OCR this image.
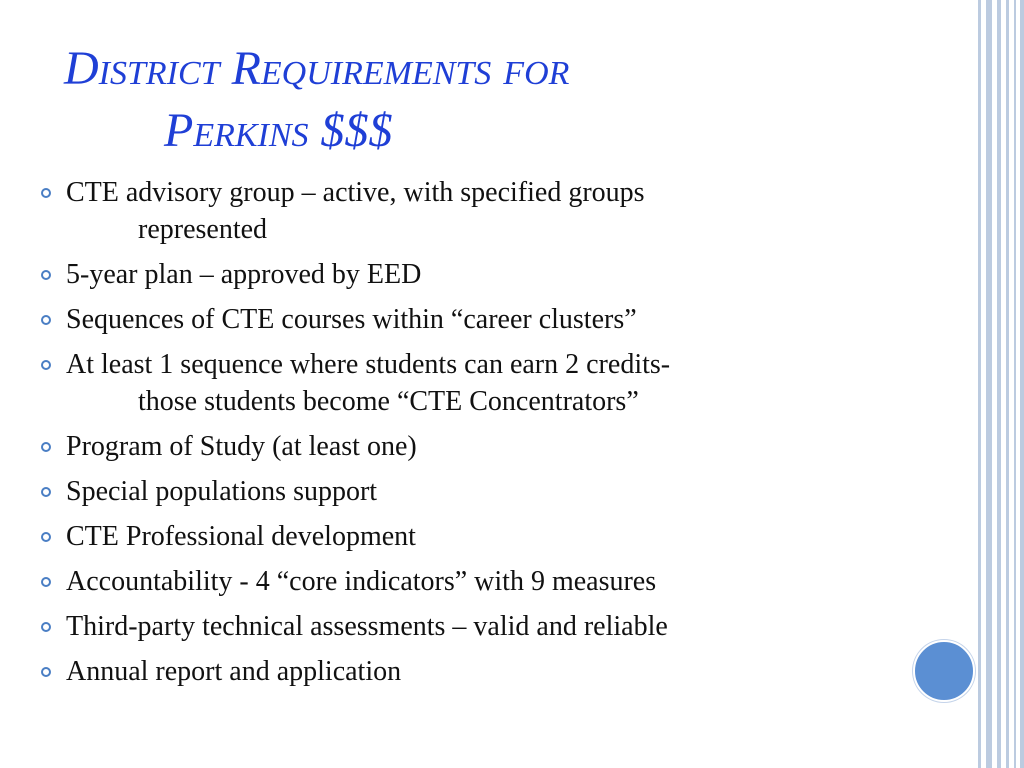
District Requirements for
Perkins $$$
CTE advisory group – active, with specified groups
represented
5-year plan – approved by EED
Sequences of CTE courses within “career clusters”
At least 1 sequence where students can earn 2 credits-
those students become “CTE Concentrators”
Program of Study (at least one)
Special populations support
CTE Professional development
Accountability - 4 “core indicators” with 9 measures
Third-party technical assessments – valid and reliable
Annual report and application
